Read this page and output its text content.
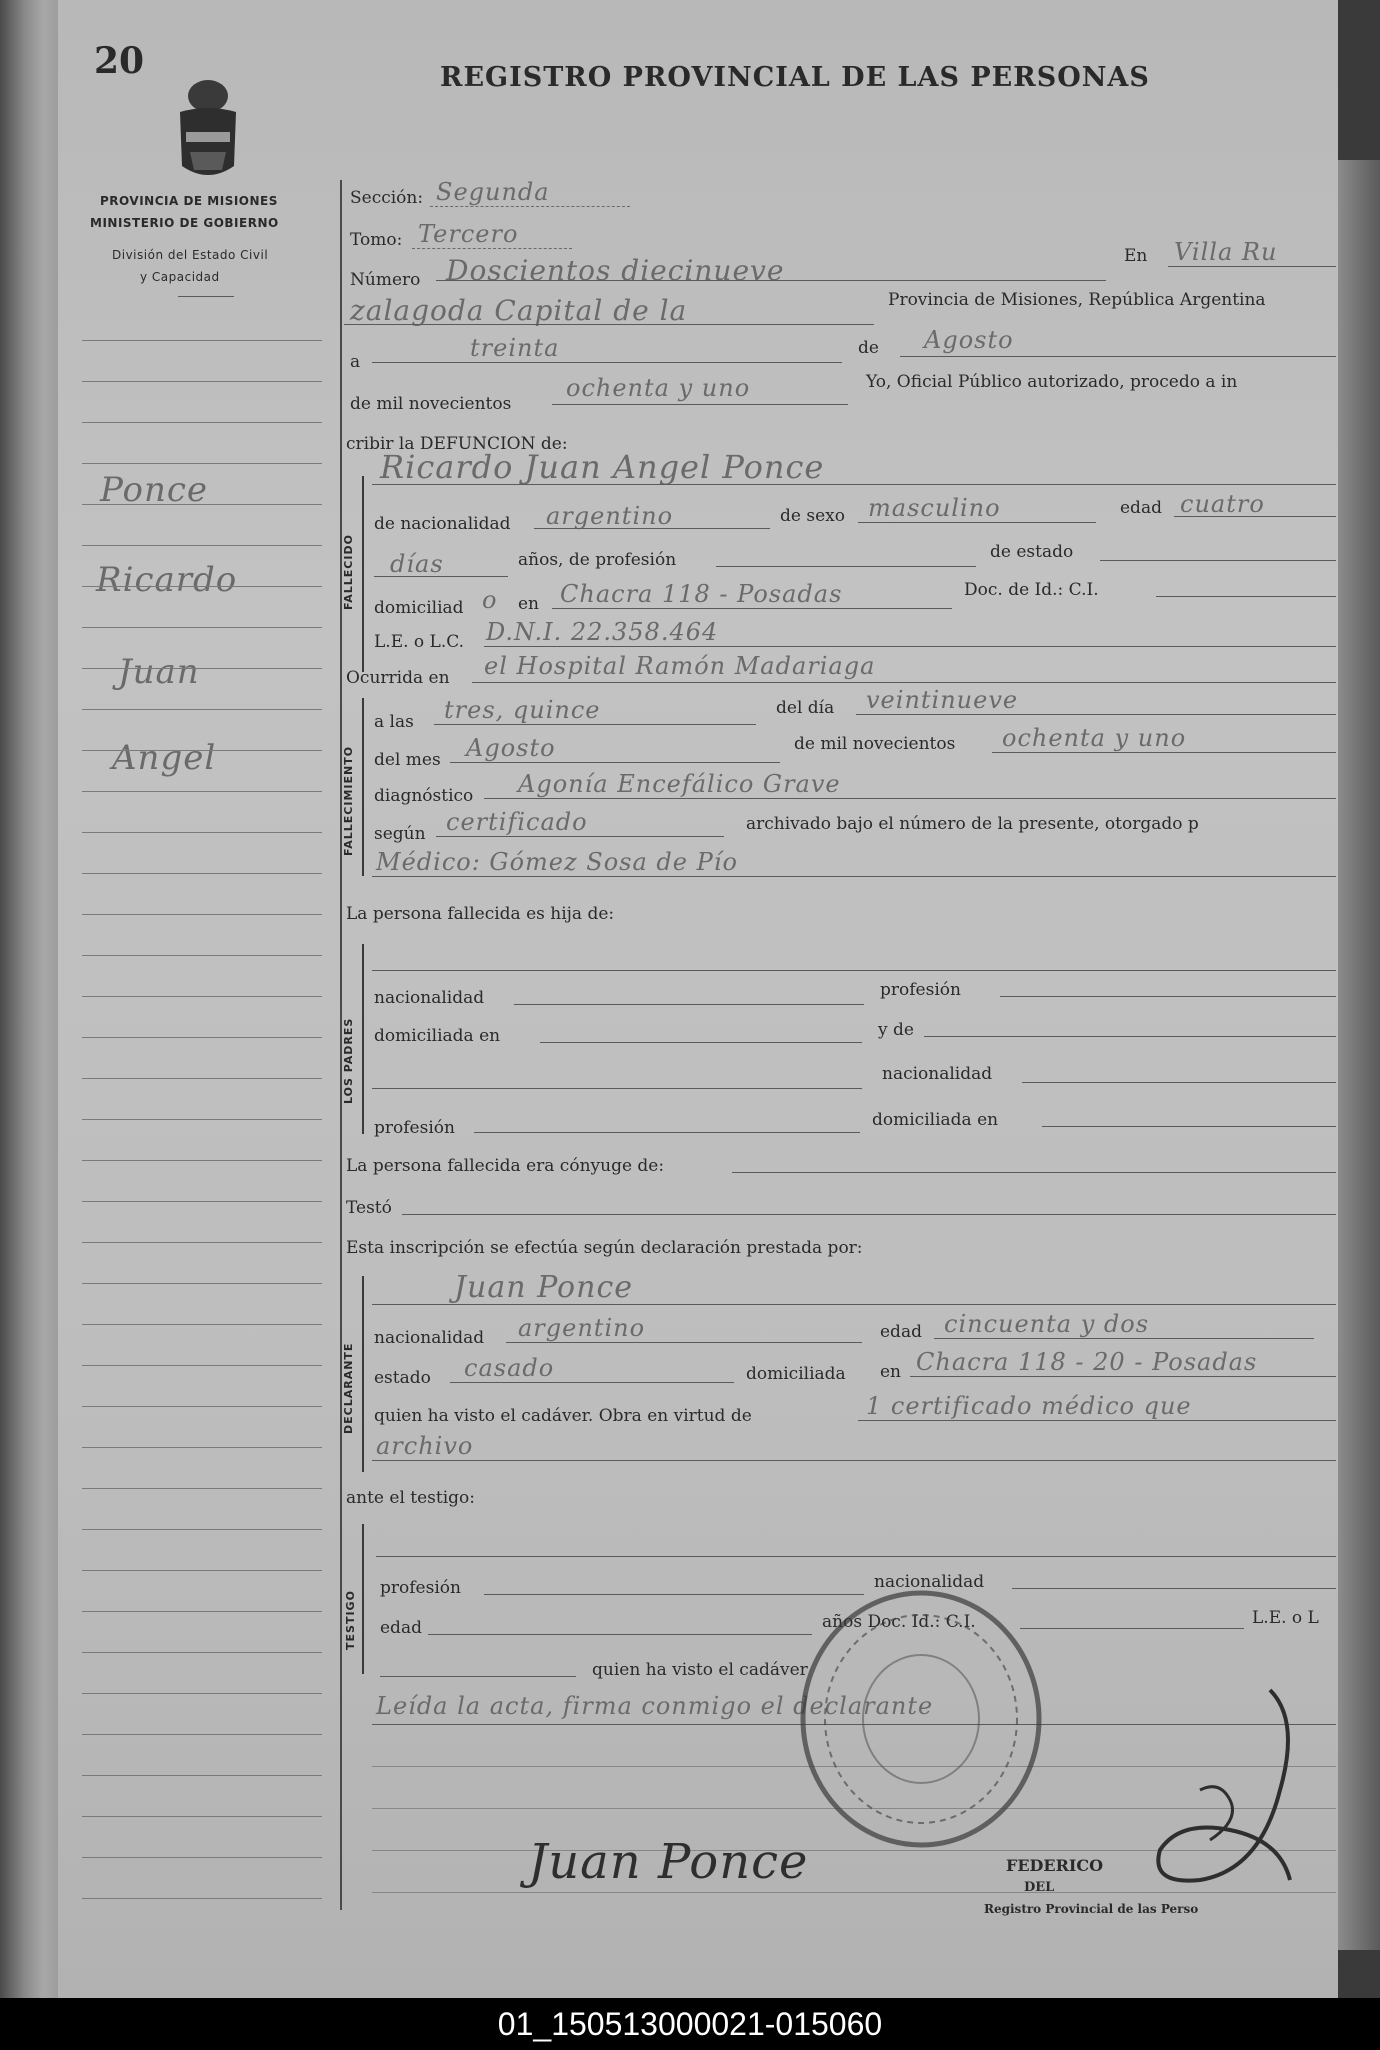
20	REGISTRO PROVINCIAL DE LAS PERSONAS
PROVINCIA DE MISIONES
MINISTERIO DE GOBIERNO
División del Estado Civil
y Capacidad
Ponce
Ricardo
Juan
Angel
Sección: Segunda
Tomo: Tercero
Número Doscientos diecinueve	En Villa Ru
zalagoda Capital de la	Provincia de Misiones, República Argentina
a	treinta	de Agosto
de mil novecientos
ochenta y uno	Yo, Oficial Público autorizado, procedo a in
cribir la DEFUNCION de:
FALLECIDO
Ricardo Juan Angel Ponce
de nacionalidad argentino	de sexo masculino	edad cuatro
días	años, de profesión	de estado
domiciliad o en Chacra 118 - Posadas	Doc. de Id.: C.I.
L.E. o L.C. D.N.I. 22.358.464
Ocurrida en el Hospital Ramón Madariaga
FALLECIMIENTO
a las tres, quince	del día veintinueve
del mes Agosto	de mil novecientos ochenta y uno
diagnóstico Agonía Encefálico Grave
según certificado	archivado bajo el número de la presente, otorgado p
Médico: Gómez Sosa de Pío
La persona fallecida es hija de:
LOS PADRES
nacionalidad	profesión
domiciliada en	y de
nacionalidad
profesión	domiciliada en
La persona fallecida era cónyuge de:
Testó
Esta inscripción se efectúa según declaración prestada por:
DECLARANTE
Juan Ponce
nacionalidad argentino	edad cincuenta y dos
estado casado	domiciliada en Chacra 118 - 20 - Posadas
quien ha visto el cadáver. Obra en virtud de	1 certificado médico que
archivo
ante el testigo:
TESTIGO
profesión	nacionalidad
edad	años Doc. Id.: C.I.	L.E. o L
quien ha visto el cadáver
Leída la acta, firma conmigo el declarante
Juan Ponce	FEDERICO
DEL
Registro Provincial de las Perso
01_150513000021-015060
